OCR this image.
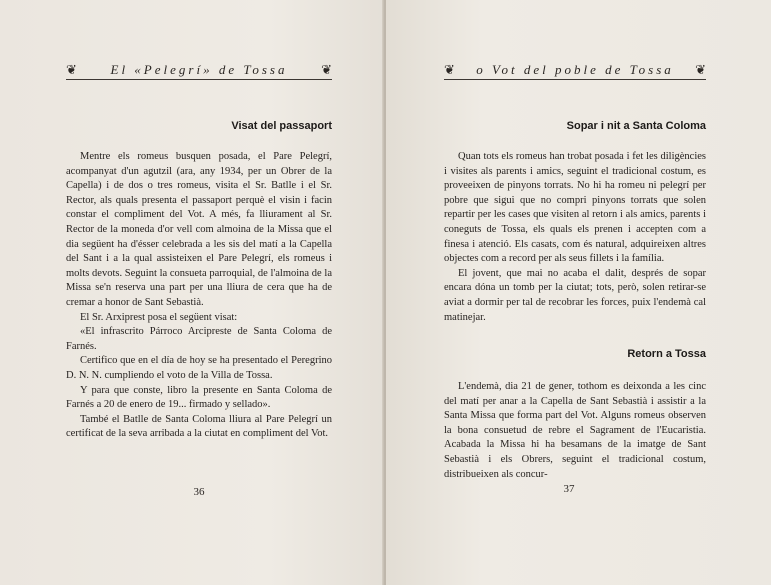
❦	El «Pelegrí» de Tossa	❦
Visat del passaport

Mentre els romeus busquen posada, el Pare Pelegrí, acompanyat d'un agutzil (ara, any 1934, per un Obrer de la Capella) i de dos o tres romeus, visita el Sr. Batlle i el Sr. Rector, als quals presenta el passaport perquè el visin i facin constar el compliment del Vot. A més, fa lliurament al Sr. Rector de la moneda d'or vell com almoina de la Missa que el dia següent ha d'ésser celebrada a les sis del matí a la Capella del Sant i a la qual assisteixen el Pare Pelegrí, els romeus i molts devots. Seguint la consueta parroquial, de l'almoina de la Missa se'n reserva una part per una lliura de cera que ha de cremar a honor de Sant Sebastià.

El Sr. Arxiprest posa el següent visat:

«El infrascrito Párroco Arcipreste de Santa Coloma de Farnés.

Certifico que en el día de hoy se ha presentado el Peregrino D. N. N. cumpliendo el voto de la Villa de Tossa.

Y para que conste, libro la presente en Santa Coloma de Farnés a 20 de enero de 19... firmado y sellado».

També el Batlle de Santa Coloma lliura al Pare Pelegrí un certificat de la seva arribada a la ciutat en compliment del Vot.

36
❦	o Vot del poble de Tossa	❦
Sopar i nit a Santa Coloma

Quan tots els romeus han trobat posada i fet les diligències i visites als parents i amics, seguint el tradicional costum, es proveeixen de pinyons torrats. No hi ha romeu ni pelegrí per pobre que sigui que no compri pinyons torrats que solen repartir per les cases que visiten al retorn i als amics, parents i coneguts de Tossa, els quals els prenen i accepten com a finesa i atenció. Els casats, com és natural, adquireixen altres objectes com a record per als seus fillets i la família.

El jovent, que mai no acaba el dalit, després de sopar encara dóna un tomb per la ciutat; tots, però, solen retirar-se aviat a dormir per tal de recobrar les forces, puix l'endemà cal matinejar.

Retorn a Tossa

L'endemà, dia 21 de gener, tothom es deixonda a les cinc del matí per anar a la Capella de Sant Sebastià i assistir a la Santa Missa que forma part del Vot. Alguns romeus observen la bona consuetud de rebre el Sagrament de l'Eucaristia. Acabada la Missa hi ha besamans de la imatge de Sant Sebastià i els Obrers, seguint el tradicional costum, distribueixen als concur-

37
